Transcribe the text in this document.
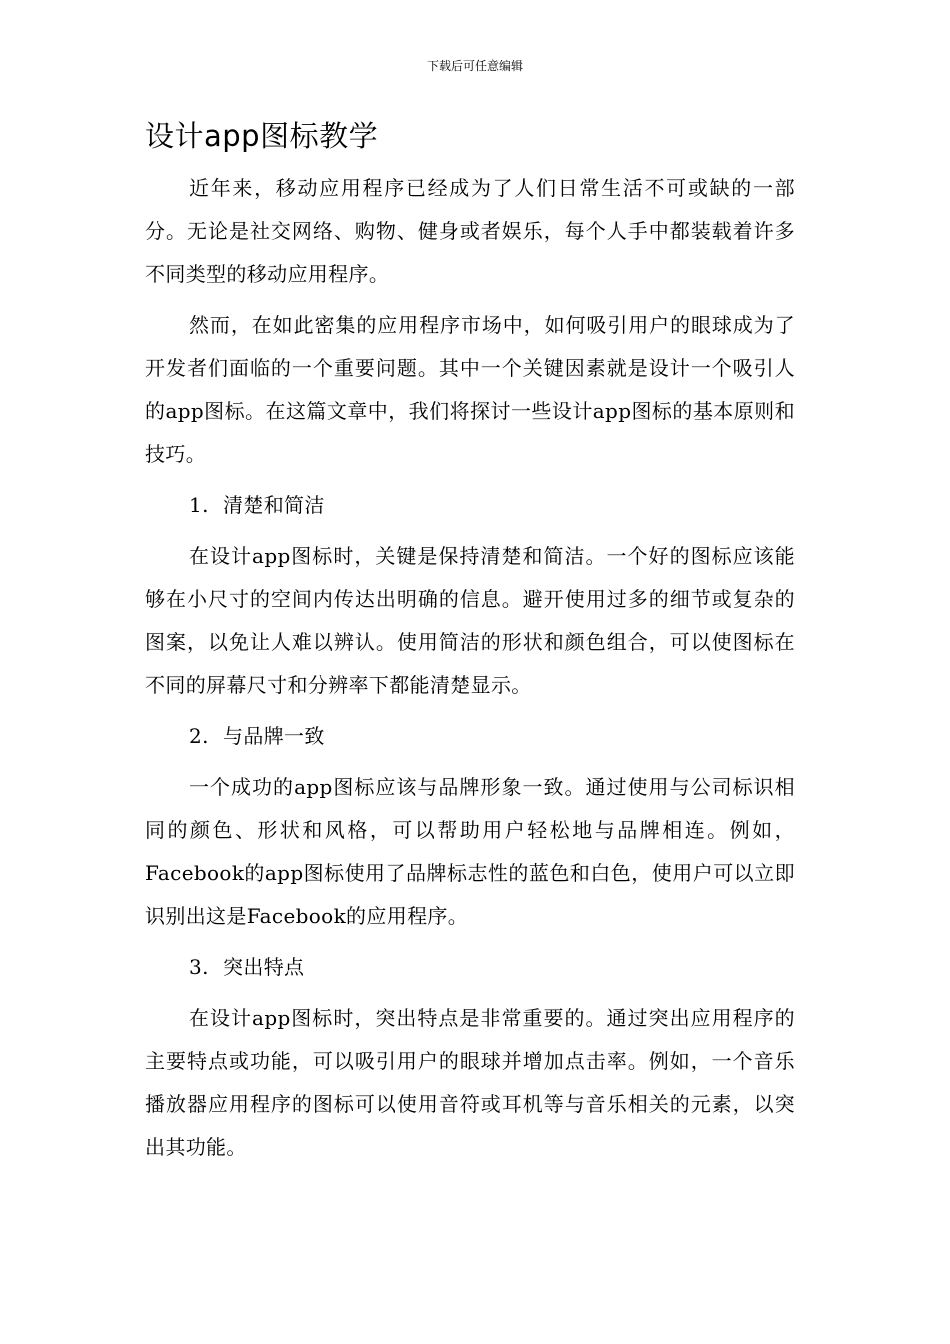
下载后可任意编辑
设计app图标教学

近年来，移动应用程序已经成为了人们日常生活不可或缺的一部分。无论是社交网络、购物、健身或者娱乐，每个人手中都装载着许多不同类型的移动应用程序。

然而，在如此密集的应用程序市场中，如何吸引用户的眼球成为了开发者们面临的一个重要问题。其中一个关键因素就是设计一个吸引人的app图标。在这篇文章中，我们将探讨一些设计app图标的基本原则和技巧。

1. 清楚和简洁

在设计app图标时，关键是保持清楚和简洁。一个好的图标应该能够在小尺寸的空间内传达出明确的信息。避开使用过多的细节或复杂的图案，以免让人难以辨认。使用简洁的形状和颜色组合，可以使图标在不同的屏幕尺寸和分辨率下都能清楚显示。

2. 与品牌一致

一个成功的app图标应该与品牌形象一致。通过使用与公司标识相同的颜色、形状和风格，可以帮助用户轻松地与品牌相连。例如，Facebook的app图标使用了品牌标志性的蓝色和白色，使用户可以立即识别出这是Facebook的应用程序。

3. 突出特点

在设计app图标时，突出特点是非常重要的。通过突出应用程序的主要特点或功能，可以吸引用户的眼球并增加点击率。例如，一个音乐播放器应用程序的图标可以使用音符或耳机等与音乐相关的元素，以突出其功能。
